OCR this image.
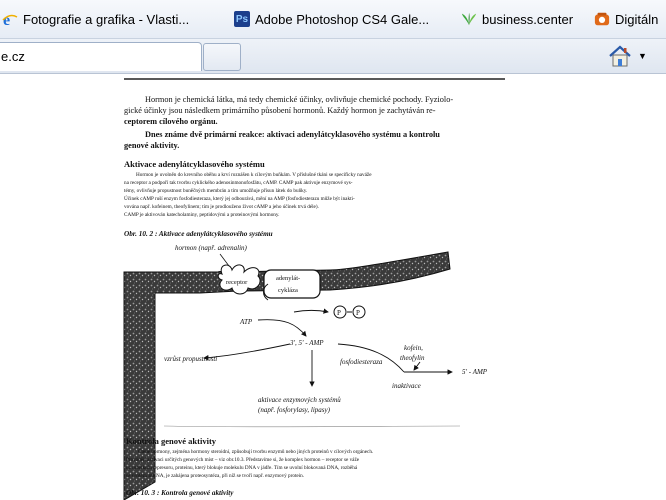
e Fotografie a grafika - Vlasti...	Ps Adobe Photoshop CS4 Gale...	business.center	Digitáln
e.cz	▼
Hormon je chemická látka, má tedy chemické účinky, ovlivňuje chemické pochody. Fyziolo-
gické účinky jsou následkem primárního působení hormonů. Každý hormon je zachytáván re-
ceptorem cílového orgánu.
Dnes známe dvě primární reakce: aktivaci adenylátcyklasového systému a kontrolu
genové aktivity.
Aktivace adenylátcyklasového systému
Hormon je uvolněn do krevního oběhu a krví roznášen k cílovým buňkám. V příslušné tkáni se specificky naváže
na receptor a podpoří tak tvorbu cyklického adenosinmonofosfátu, cAMP. CAMP pak aktivuje enzymové sys-
témy, ovlivňuje propustnost buněčných membrán a tím umožňuje přísun látek do buňky.
Účinek cAMP ruší enzym fosfodiesteraza, který jej odbourává, mění na AMP (fosfodiesterazu může být inakti-
vována např. kofeinem, theofylinem; tím je prodlouženo život cAMP a jeho účinek trvá déle).
CAMP je aktivován katecholaminy, peptidovými a proteinovými hormony.
Obr. 10. 2 : Aktivace adenylátcyklasového systému
hormon (např. adrenalin)
receptor
adenylát-
cykláza
ATP
P P
3', 5' - AMP
fosfodiesteraza
kofein,
theofylin
inaktivace
5' - AMP
vzrůst propustnosti
aktivace enzymových systémů
(např. fosforylasy, lipasy)
Kontrola genové aktivity
Čtené hormony, zejména hormony steroidní, způsobují tvorbu enzymů nebo jiných proteinů v cílových orgánech.
Prováději aktivaci určitých genových míst – viz obr.10.3. Představíme si, že komplex hormon – receptor se váže
na molekulu represoru, proteinu, který blokuje molekulu DNA v jádře. Tím se uvolní blokovaná DNA, rozběhá
se syntéza mRNA, je zahájena proteosyntéza, při níž se tvoří např. enzymový protein.
Obr. 10. 3 : Kontrola genové aktivity
